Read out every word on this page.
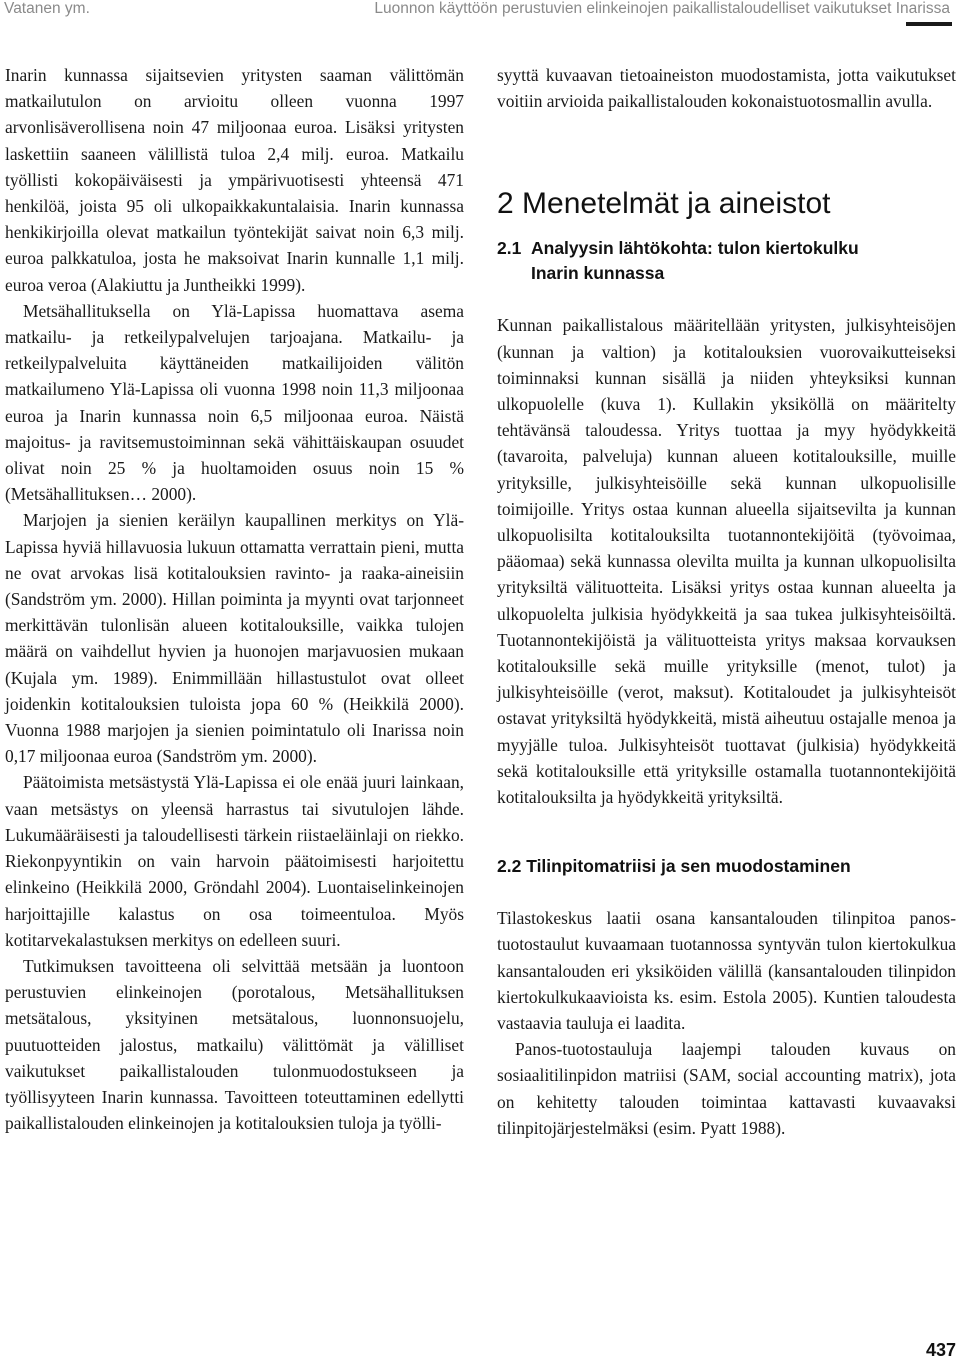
Vatanen ym.	Luonnon käyttöön perustuvien elinkeinojen paikallistaloudelliset vaikutukset Inarissa

Inarin kunnassa sijaitsevien yritysten saaman välittömän matkailutulon on arvioitu olleen vuonna 1997 arvonlisäverollisena noin 47 miljoonaa euroa. Lisäksi yritysten laskettiin saaneen välillistä tuloa 2,4 milj. euroa. Matkailu työllisti kokopäiväisesti ja ympärivuotisesti yhteensä 471 henkilöä, joista 95 oli ulkopaikkakuntalaisia. Inarin kunnassa henkikirjoilla olevat matkailun työntekijät saivat noin 6,3 milj. euroa palkkatuloa, josta he maksoivat Inarin kunnalle 1,1 milj. euroa veroa (Alakiuttu ja Juntheikki 1999).

Metsähallituksella on Ylä-Lapissa huomattava asema matkailu- ja retkeilypalvelujen tarjoajana. Matkailu- ja retkeilypalveluita käyttäneiden matkailijoiden välitön matkailumeno Ylä-Lapissa oli vuonna 1998 noin 11,3 miljoonaa euroa ja Inarin kunnassa noin 6,5 miljoonaa euroa. Näistä majoitus- ja ravitsemustoiminnan sekä vähittäiskaupan osuudet olivat noin 25 % ja huoltamoiden osuus noin 15 % (Metsähallituksen… 2000).

Marjojen ja sienien keräilyn kaupallinen merkitys on Ylä-Lapissa hyviä hillavuosia lukuun ottamatta verrattain pieni, mutta ne ovat arvokas lisä kotitalouksien ravinto- ja raaka-aineisiin (Sandström ym. 2000). Hillan poiminta ja myynti ovat tarjonneet merkittävän tulonlisän alueen kotitalouksille, vaikka tulojen määrä on vaihdellut hyvien ja huonojen marjavuosien mukaan (Kujala ym. 1989). Enimmillään hillastustulot ovat olleet joidenkin kotitalouksien tuloista jopa 60 % (Heikkilä 2000). Vuonna 1988 marjojen ja sienien poimintatulo oli Inarissa noin 0,17 miljoonaa euroa (Sandström ym. 2000).

Päätoimista metsästystä Ylä-Lapissa ei ole enää juuri lainkaan, vaan metsästys on yleensä harrastus tai sivutulojen lähde. Lukumääräisesti ja taloudellisesti tärkein riistaeläinlaji on riekko. Riekonpyyntikin on vain harvoin päätoimisesti harjoitettu elinkeino (Heikkilä 2000, Gröndahl 2004). Luontaiselinkeinojen harjoittajille kalastus on osa toimeentuloa. Myös kotitarvekalastuksen merkitys on edelleen suuri.

Tutkimuksen tavoitteena oli selvittää metsään ja luontoon perustuvien elinkeinojen (porotalous, Metsähallituksen metsätalous, yksityinen metsätalous, luonnonsuojelu, puutuotteiden jalostus, matkailu) välittömät ja välilliset vaikutukset paikallistalouden tulonmuodostukseen ja työllisyyteen Inarin kunnassa. Tavoitteen toteuttaminen edellytti paikallistalouden elinkeinojen ja kotitalouksien tuloja ja työlli-

syyttä kuvaavan tietoaineiston muodostamista, jotta vaikutukset voitiin arvioida paikallistalouden kokonaistuotosmallin avulla.

2 Menetelmät ja aineistot
2.1 Analyysin lähtökohta: tulon kiertokulku
Inarin kunnassa

Kunnan paikallistalous määritellään yritysten, julkisyhteisöjen (kunnan ja valtion) ja kotitalouksien vuorovaikutteiseksi toiminnaksi kunnan sisällä ja niiden yhteyksiksi kunnan ulkopuolelle (kuva 1). Kullakin yksiköllä on määritelty tehtävänsä taloudessa. Yritys tuottaa ja myy hyödykkeitä (tavaroita, palveluja) kunnan alueen kotitalouksille, muille yrityksille, julkisyhteisöille sekä kunnan ulkopuolisille toimijoille. Yritys ostaa kunnan alueella sijaitsevilta ja kunnan ulkopuolisilta kotitalouksilta tuotannontekijöitä (työvoimaa, pääomaa) sekä kunnassa olevilta muilta ja kunnan ulkopuolisilta yrityksiltä välituotteita. Lisäksi yritys ostaa kunnan alueelta ja ulkopuolelta julkisia hyödykkeitä ja saa tukea julkisyhteisöiltä. Tuotannontekijöistä ja välituotteista yritys maksaa korvauksen kotitalouksille sekä muille yrityksille (menot, tulot) ja julkisyhteisöille (verot, maksut). Kotitaloudet ja julkisyhteisöt ostavat yrityksiltä hyödykkeitä, mistä aiheutuu ostajalle menoa ja myyjälle tuloa. Julkisyhteisöt tuottavat (julkisia) hyödykkeitä sekä kotitalouksille että yrityksille ostamalla tuotannontekijöitä kotitalouksilta ja hyödykkeitä yrityksiltä.

2.2 Tilinpitomatriisi ja sen muodostaminen

Tilastokeskus laatii osana kansantalouden tilinpitoa panos-tuotostaulut kuvaamaan tuotannossa syntyvän tulon kiertokulkua kansantalouden eri yksiköiden välillä (kansantalouden tilinpidon kiertokulkukaavioista ks. esim. Estola 2005). Kuntien taloudesta vastaavia tauluja ei laadita.

Panos-tuotostauluja laajempi talouden kuvaus on sosiaalitilinpidon matriisi (SAM, social accounting matrix), jota on kehitetty talouden toimintaa kattavasti kuvaavaksi tilinpitojärjestelmäksi (esim. Pyatt 1988).

437
